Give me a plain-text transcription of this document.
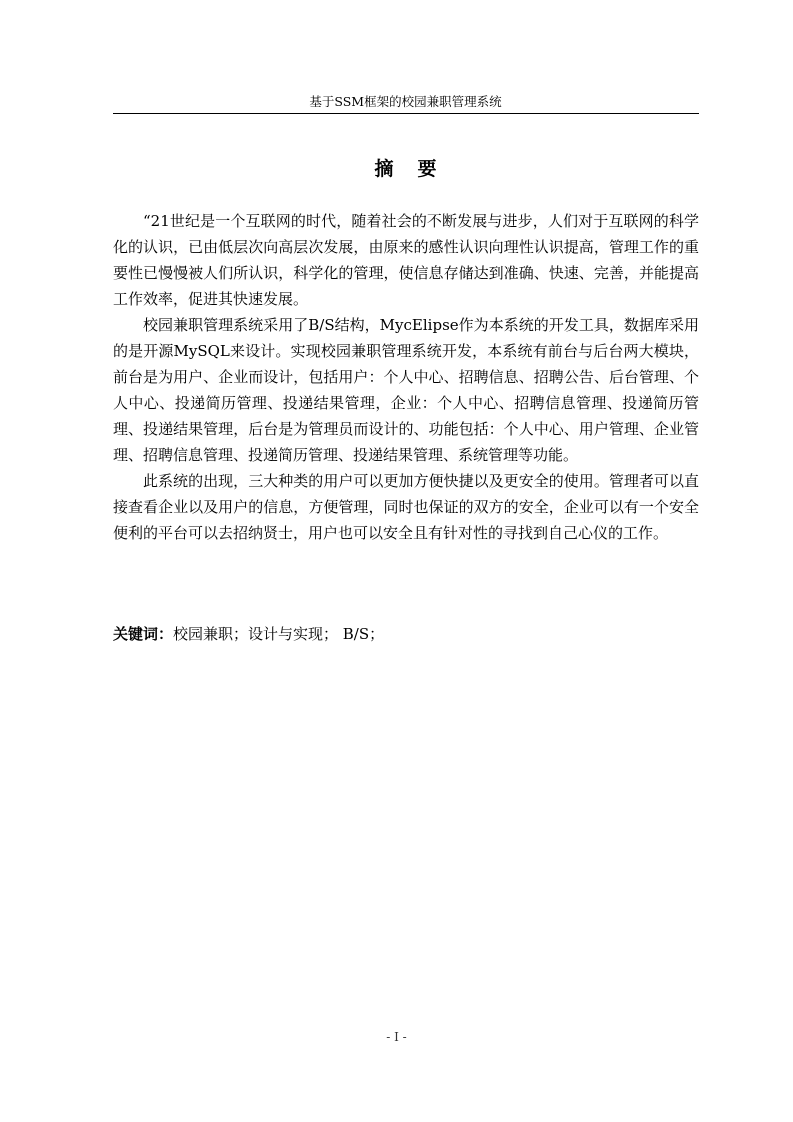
基于SSM框架的校园兼职管理系统
摘要

“21世纪是一个互联网的时代，随着社会的不断发展与进步，人们对于互联网的科学化的认识，已由低层次向高层次发展，由原来的感性认识向理性认识提高，管理工作的重要性已慢慢被人们所认识，科学化的管理，使信息存储达到准确、快速、完善，并能提高工作效率，促进其快速发展。

校园兼职管理系统采用了B/S结构，MycElipse作为本系统的开发工具，数据库采用的是开源MySQL来设计。实现校园兼职管理系统开发，本系统有前台与后台两大模块，前台是为用户、企业而设计，包括用户：个人中心、招聘信息、招聘公告、后台管理、个人中心、投递简历管理、投递结果管理，企业：个人中心、招聘信息管理、投递简历管理、投递结果管理，后台是为管理员而设计的、功能包括：个人中心、用户管理、企业管理、招聘信息管理、投递简历管理、投递结果管理、系统管理等功能。

此系统的出现，三大种类的用户可以更加方便快捷以及更安全的使用。管理者可以直接查看企业以及用户的信息，方便管理，同时也保证的双方的安全，企业可以有一个安全便利的平台可以去招纳贤士，用户也可以安全且有针对性的寻找到自己心仪的工作。

关键词：校园兼职；设计与实现； B/S；
- I -
